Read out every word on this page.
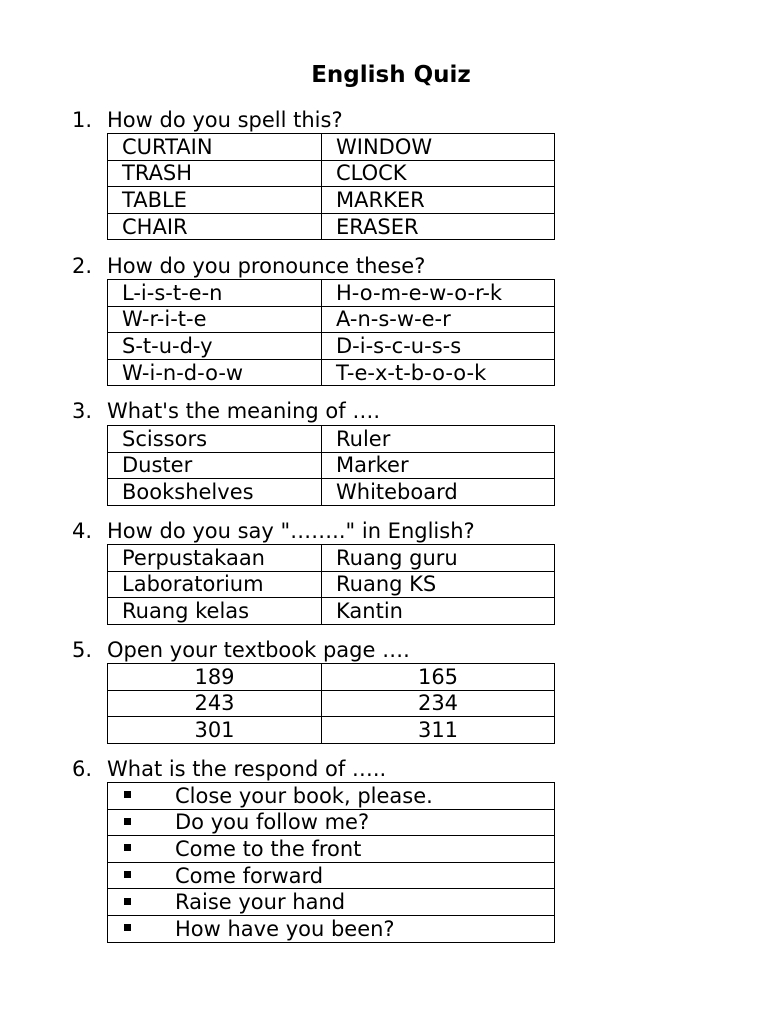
English Quiz
1. How do you spell this?
CURTAIN	WINDOW
TRASH	CLOCK
TABLE	MARKER
CHAIR	ERASER
2. How do you pronounce these?
L-i-s-t-e-n	H-o-m-e-w-o-r-k
W-r-i-t-e	A-n-s-w-e-r
S-t-u-d-y	D-i-s-c-u-s-s
W-i-n-d-o-w	T-e-x-t-b-o-o-k
3. What's the meaning of ….
Scissors	Ruler
Duster	Marker
Bookshelves	Whiteboard
4. How do you say "…….." in English?
Perpustakaan	Ruang guru
Laboratorium	Ruang KS
Ruang kelas	Kantin
5. Open your textbook page ….
189	165
243	234
301	311
6. What is the respond of …..
Close your book, please.
Do you follow me?
Come to the front
Come forward
Raise your hand
How have you been?
